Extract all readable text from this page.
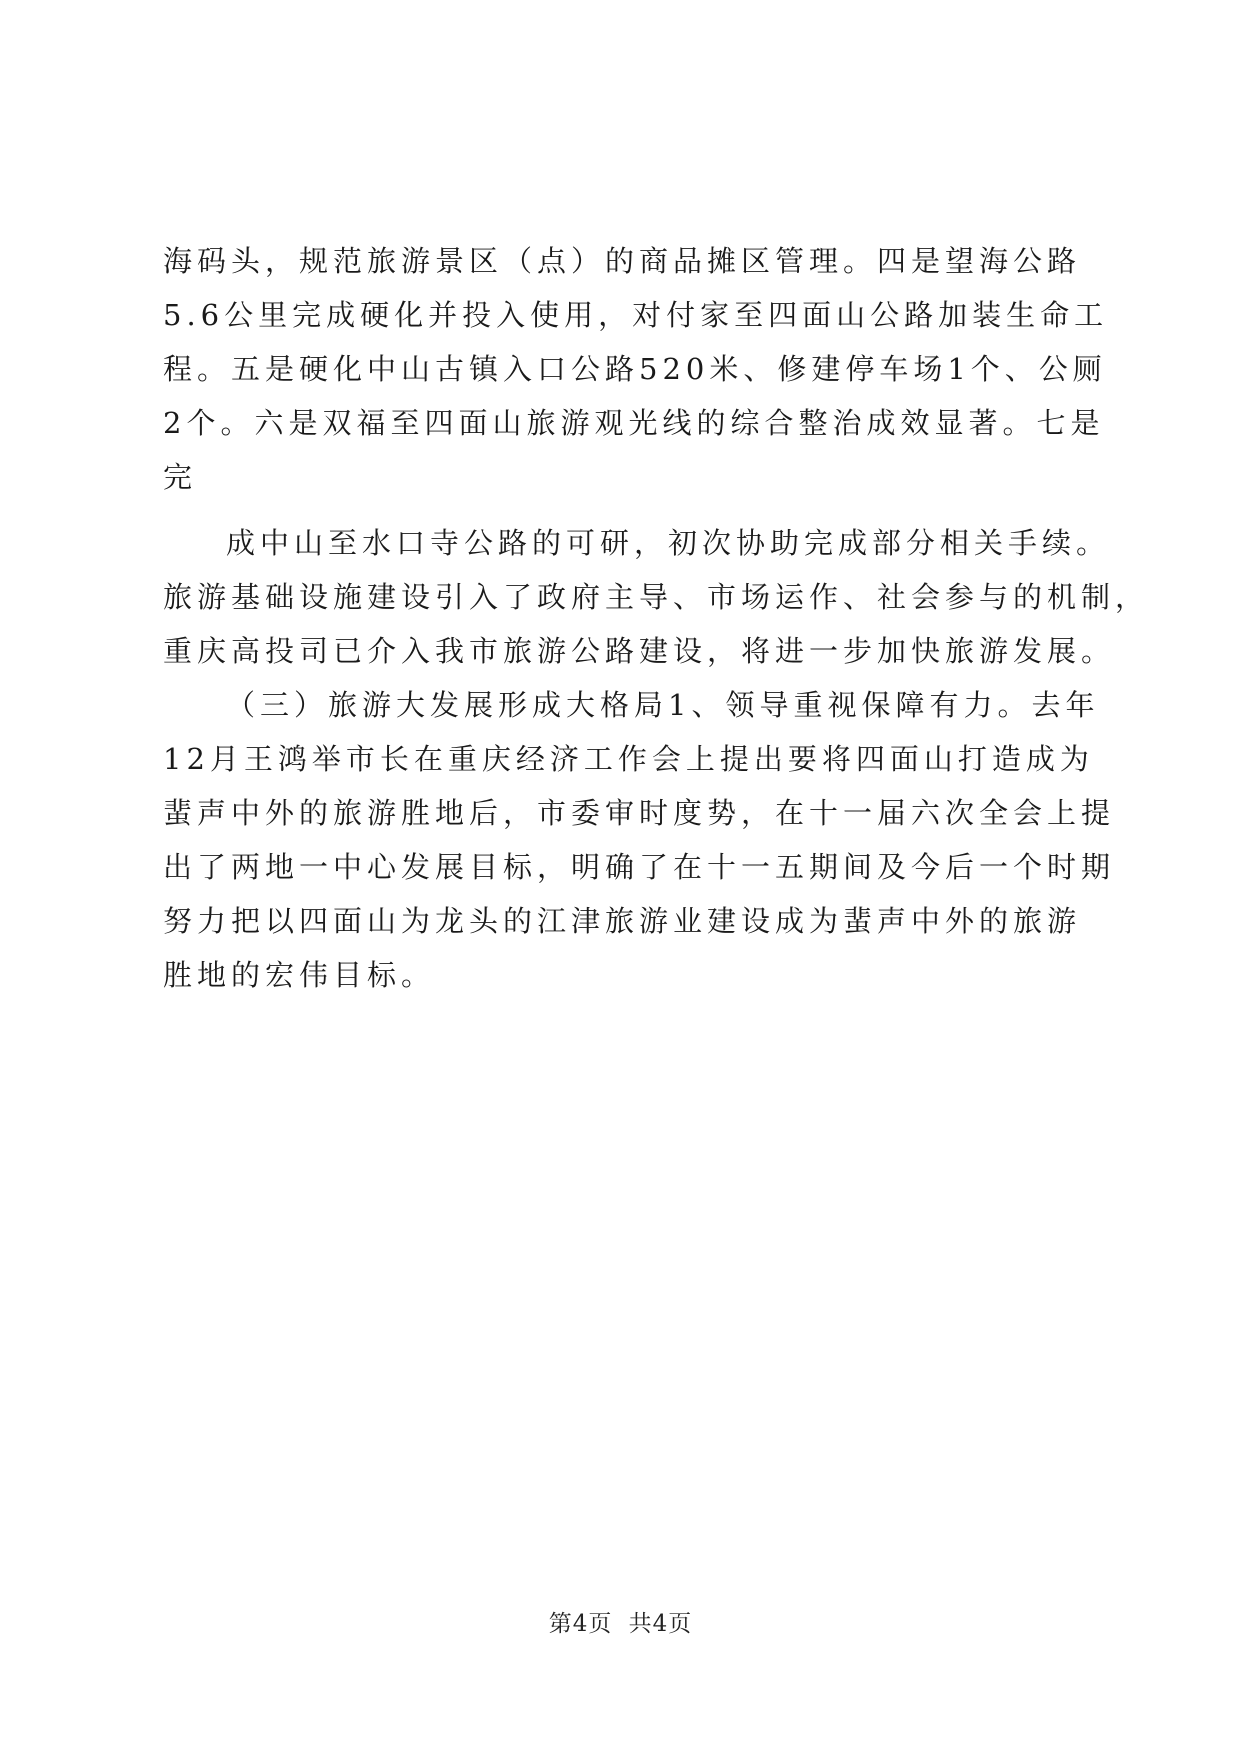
海码头，规范旅游景区（点）的商品摊区管理。四是望海公路
5.6公里完成硬化并投入使用，对付家至四面山公路加装生命工
程。五是硬化中山古镇入口公路520米、修建停车场1个、公厕
2个。六是双福至四面山旅游观光线的综合整治成效显著。七是
完

成中山至水口寺公路的可研，初次协助完成部分相关手续。
旅游基础设施建设引入了政府主导、市场运作、社会参与的机制，
重庆高投司已介入我市旅游公路建设，将进一步加快旅游发展。

（三）旅游大发展形成大格局1、领导重视保障有力。去年
12月王鸿举市长在重庆经济工作会上提出要将四面山打造成为
蜚声中外的旅游胜地后，市委审时度势，在十一届六次全会上提
出了两地一中心发展目标，明确了在十一五期间及今后一个时期
努力把以四面山为龙头的江津旅游业建设成为蜚声中外的旅游
胜地的宏伟目标。

第4页 共4页
